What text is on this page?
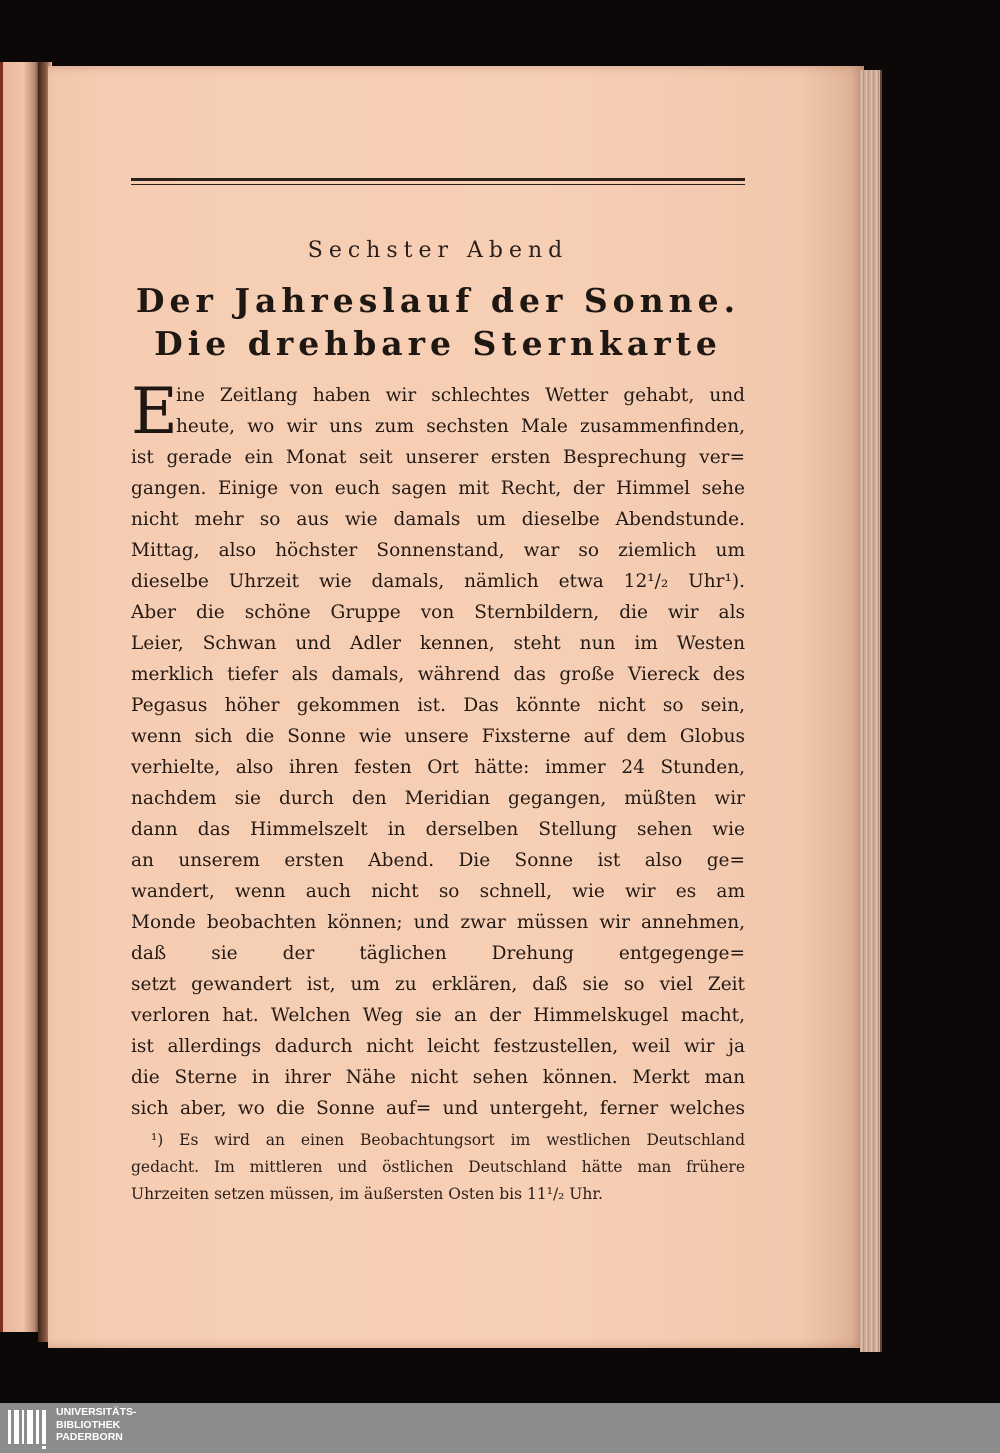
Sechster Abend
Der Jahreslauf der Sonne.
Die drehbare Sternkarte
E
ine Zeitlang haben wir schlechtes Wetter gehabt, und
heute, wo wir uns zum sechsten Male zusammenfinden,
ist gerade ein Monat seit unserer ersten Besprechung ver=
gangen. Einige von euch sagen mit Recht, der Himmel sehe
nicht mehr so aus wie damals um dieselbe Abendstunde.
Mittag, also höchster Sonnenstand, war so ziemlich um
dieselbe Uhrzeit wie damals, nämlich etwa 12¹/₂ Uhr¹).
Aber die schöne Gruppe von Sternbildern, die wir als
Leier, Schwan und Adler kennen, steht nun im Westen
merklich tiefer als damals, während das große Viereck des
Pegasus höher gekommen ist. Das könnte nicht so sein,
wenn sich die Sonne wie unsere Fixsterne auf dem Globus
verhielte, also ihren festen Ort hätte: immer 24 Stunden,
nachdem sie durch den Meridian gegangen, müßten wir
dann das Himmelszelt in derselben Stellung sehen wie
an unserem ersten Abend. Die Sonne ist also ge=
wandert, wenn auch nicht so schnell, wie wir es am
Monde beobachten können; und zwar müssen wir annehmen,
daß sie der täglichen Drehung entgegenge=
setzt gewandert ist, um zu erklären, daß sie so viel Zeit
verloren hat. Welchen Weg sie an der Himmelskugel macht,
ist allerdings dadurch nicht leicht festzustellen, weil wir ja
die Sterne in ihrer Nähe nicht sehen können. Merkt man
sich aber, wo die Sonne auf= und untergeht, ferner welches
¹) Es wird an einen Beobachtungsort im westlichen Deutschland
gedacht. Im mittleren und östlichen Deutschland hätte man frühere
Uhrzeiten setzen müssen, im äußersten Osten bis 11¹/₂ Uhr.
UNIVERSITÄTS-
BIBLIOTHEK
PADERBORN
